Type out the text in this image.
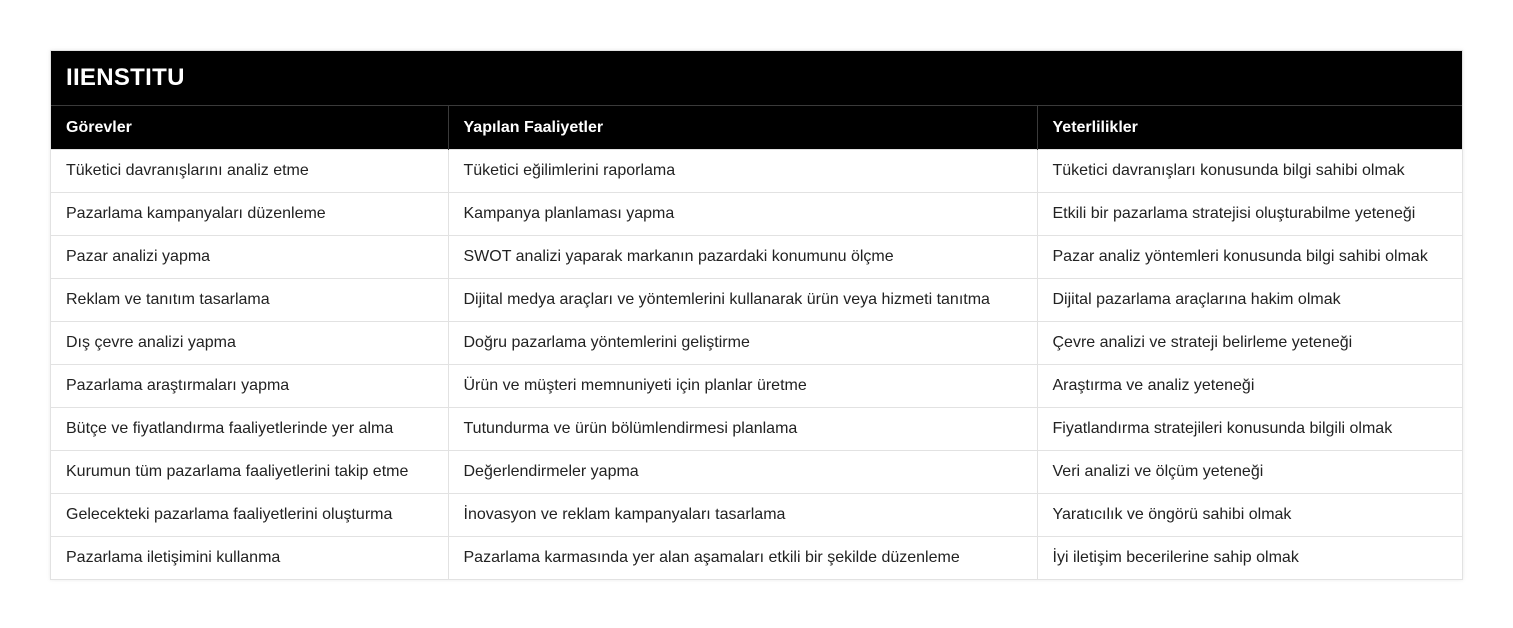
IIENSTITU
Görevler	Yapılan Faaliyetler	Yeterlilikler
Tüketici davranışlarını analiz etme	Tüketici eğilimlerini raporlama	Tüketici davranışları konusunda bilgi sahibi olmak
Pazarlama kampanyaları düzenleme	Kampanya planlaması yapma	Etkili bir pazarlama stratejisi oluşturabilme yeteneği
Pazar analizi yapma	SWOT analizi yaparak markanın pazardaki konumunu ölçme	Pazar analiz yöntemleri konusunda bilgi sahibi olmak
Reklam ve tanıtım tasarlama	Dijital medya araçları ve yöntemlerini kullanarak ürün veya hizmeti tanıtma	Dijital pazarlama araçlarına hakim olmak
Dış çevre analizi yapma	Doğru pazarlama yöntemlerini geliştirme	Çevre analizi ve strateji belirleme yeteneği
Pazarlama araştırmaları yapma	Ürün ve müşteri memnuniyeti için planlar üretme	Araştırma ve analiz yeteneği
Bütçe ve fiyatlandırma faaliyetlerinde yer alma	Tutundurma ve ürün bölümlendirmesi planlama	Fiyatlandırma stratejileri konusunda bilgili olmak
Kurumun tüm pazarlama faaliyetlerini takip etme	Değerlendirmeler yapma	Veri analizi ve ölçüm yeteneği
Gelecekteki pazarlama faaliyetlerini oluşturma	İnovasyon ve reklam kampanyaları tasarlama	Yaratıcılık ve öngörü sahibi olmak
Pazarlama iletişimini kullanma	Pazarlama karmasında yer alan aşamaları etkili bir şekilde düzenleme	İyi iletişim becerilerine sahip olmak
